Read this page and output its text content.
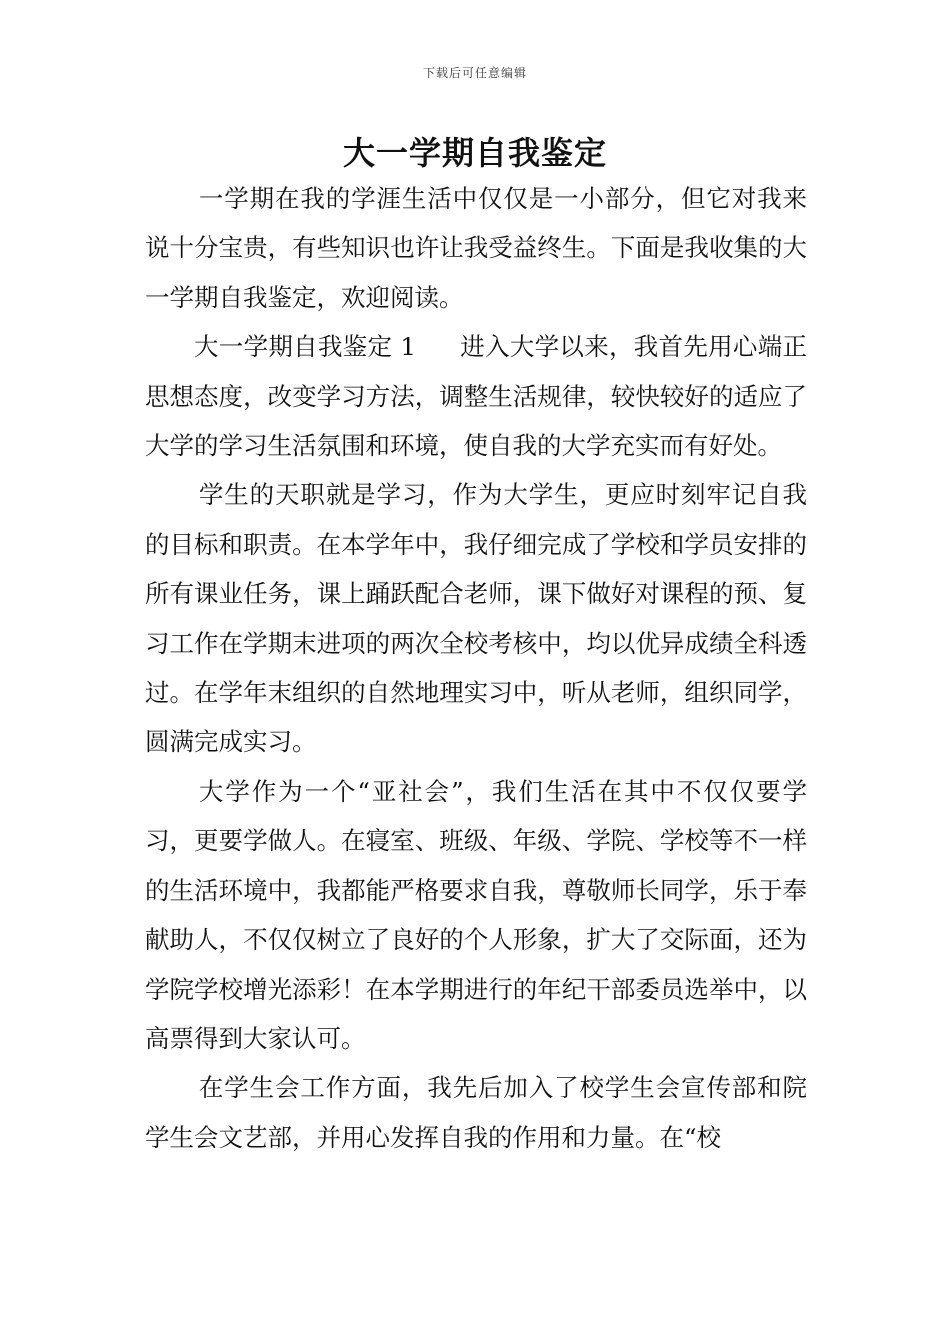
下载后可任意编辑
大一学期自我鉴定

一学期在我的学涯生活中仅仅是一小部分，但它对我来说十分宝贵，有些知识也许让我受益终生。下面是我收集的大一学期自我鉴定，欢迎阅读。

大一学期自我鉴定 1 进入大学以来，我首先用心端正思想态度，改变学习方法，调整生活规律，较快较好的适应了大学的学习生活氛围和环境，使自我的大学充实而有好处。

学生的天职就是学习，作为大学生，更应时刻牢记自我的目标和职责。在本学年中，我仔细完成了学校和学员安排的所有课业任务，课上踊跃配合老师，课下做好对课程的预、复习工作在学期末进项的两次全校考核中，均以优异成绩全科透过。在学年末组织的自然地理实习中，听从老师，组织同学，圆满完成实习。

大学作为一个“亚社会”，我们生活在其中不仅仅要学习，更要学做人。在寝室、班级、年级、学院、学校等不一样的生活环境中，我都能严格要求自我，尊敬师长同学，乐于奉献助人，不仅仅树立了良好的个人形象，扩大了交际面，还为学院学校增光添彩！在本学期进行的年纪干部委员选举中，以高票得到大家认可。

在学生会工作方面，我先后加入了校学生会宣传部和院学生会文艺部，并用心发挥自我的作用和力量。在“校
